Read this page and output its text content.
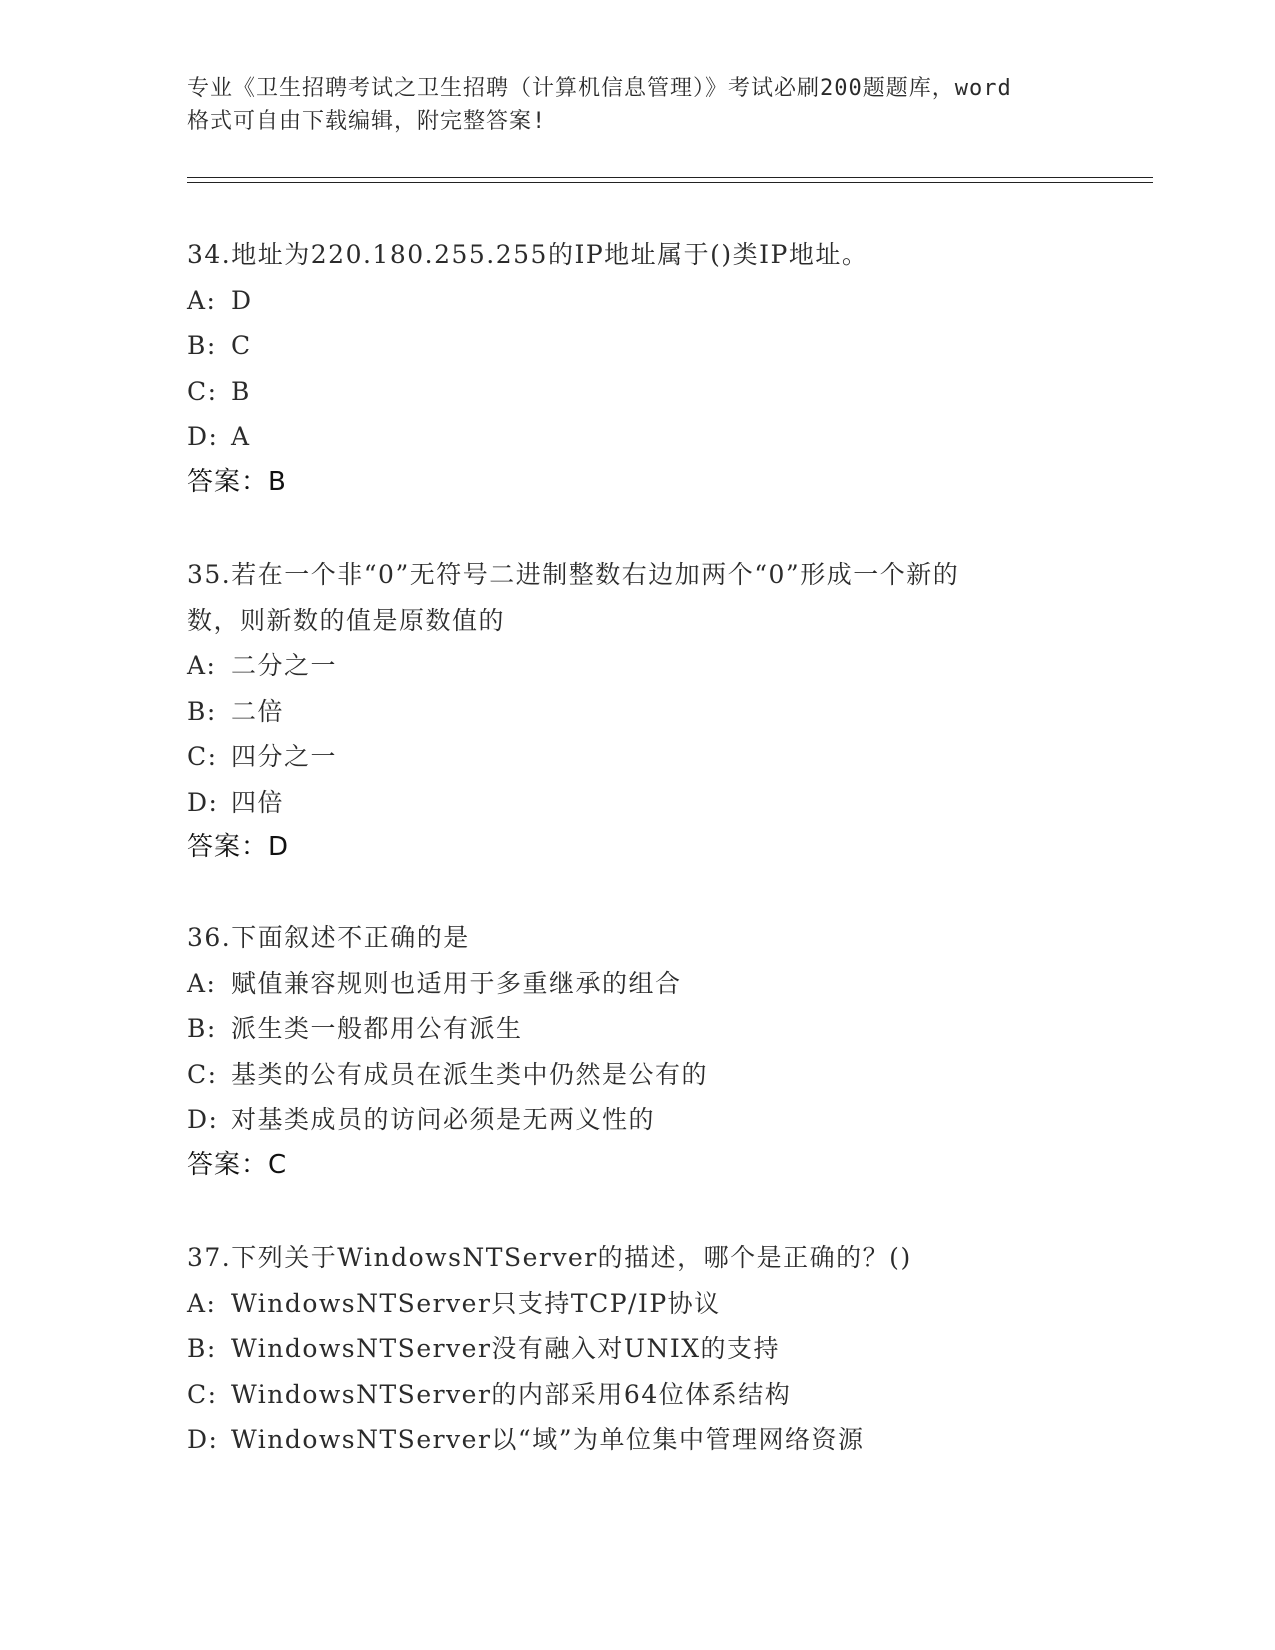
专业《卫生招聘考试之卫生招聘（计算机信息管理）》考试必刷200题题库，word
格式可自由下载编辑，附完整答案!
34.地址为220.180.255.255的IP地址属于()类IP地址。
A: D
B: C
C: B
D: A
答案：B
35.若在一个非“0”无符号二进制整数右边加两个“0”形成一个新的
数，则新数的值是原数值的
A: 二分之一
B: 二倍
C: 四分之一
D: 四倍
答案：D
36.下面叙述不正确的是
A: 赋值兼容规则也适用于多重继承的组合
B: 派生类一般都用公有派生
C: 基类的公有成员在派生类中仍然是公有的
D: 对基类成员的访问必须是无两义性的
答案：C
37.下列关于WindowsNTServer的描述，哪个是正确的？()
A: WindowsNTServer只支持TCP/IP协议
B: WindowsNTServer没有融入对UNIX的支持
C: WindowsNTServer的内部采用64位体系结构
D: WindowsNTServer以“域”为单位集中管理网络资源
